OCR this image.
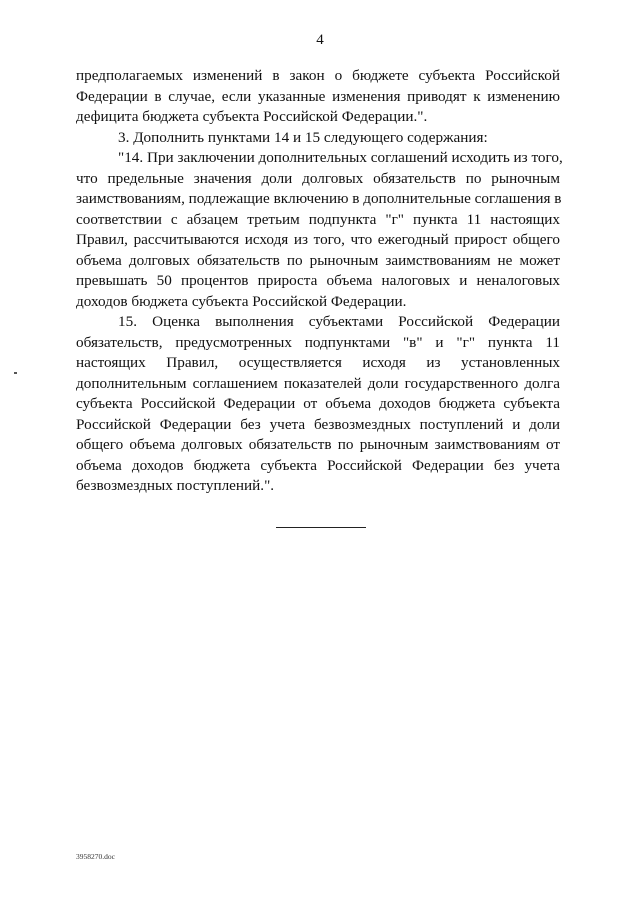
4
предполагаемых изменений в закон о бюджете субъекта Российской
Федерации в случае, если указанные изменения приводят к изменению
дефицита бюджета субъекта Российской Федерации.".
3. Дополнить пунктами 14 и 15 следующего содержания:
"14. При заключении дополнительных соглашений исходить из того,
что предельные значения доли долговых обязательств по рыночным
заимствованиям, подлежащие включению в дополнительные соглашения в
соответствии с абзацем третьим подпункта "г" пункта 11 настоящих
Правил, рассчитываются исходя из того, что ежегодный прирост общего
объема долговых обязательств по рыночным заимствованиям не может
превышать 50 процентов прироста объема налоговых и неналоговых
доходов бюджета субъекта Российской Федерации.
15. Оценка выполнения субъектами Российской Федерации
обязательств, предусмотренных подпунктами "в" и "г" пункта 11
настоящих Правил, осуществляется исходя из установленных
дополнительным соглашением показателей доли государственного долга
субъекта Российской Федерации от объема доходов бюджета субъекта
Российской Федерации без учета безвозмездных поступлений и доли
общего объема долговых обязательств по рыночным заимствованиям от
объема доходов бюджета субъекта Российской Федерации без учета
безвозмездных поступлений.".
3958270.doc
